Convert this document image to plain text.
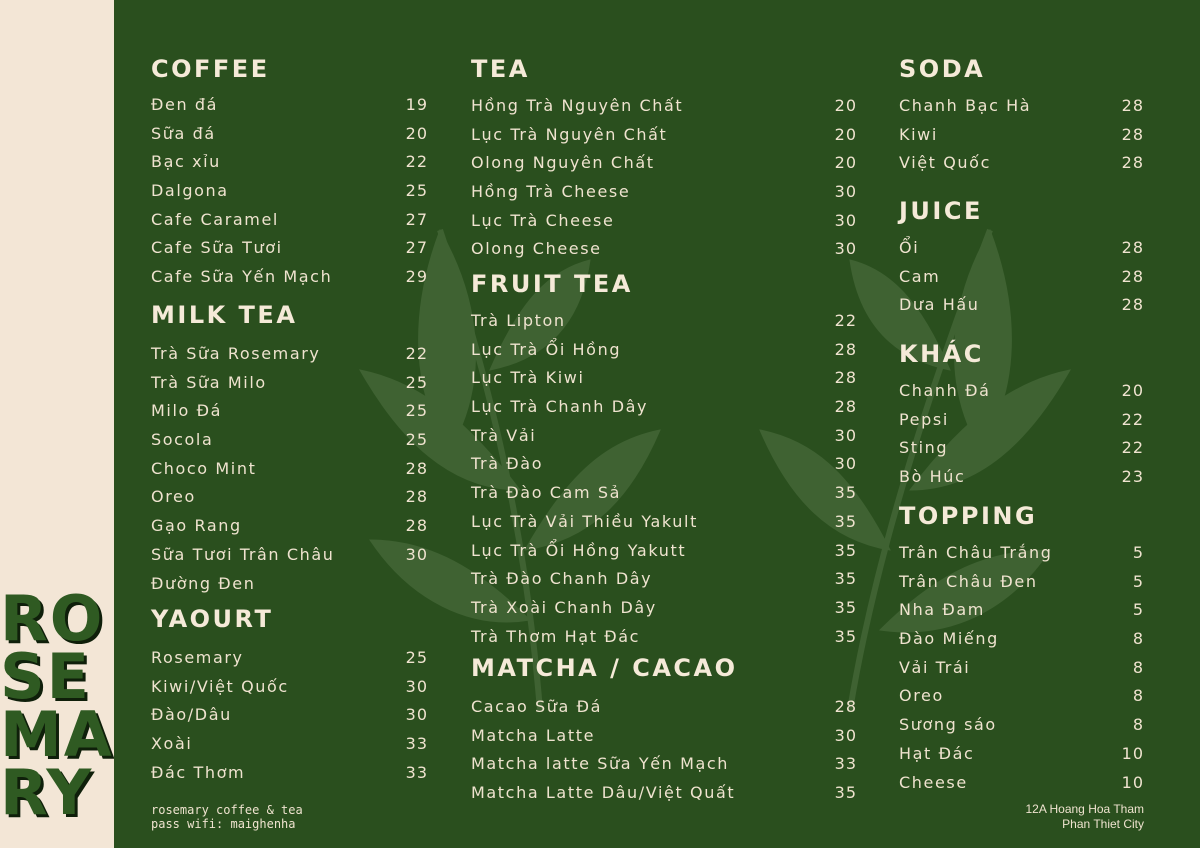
RO
SE
MA
RY
COFFEE
Đen đá	19
Sữa đá	20
Bạc xỉu	22
Dalgona	25
Cafe Caramel	27
Cafe Sữa Tươi	27
Cafe Sữa Yến Mạch	29
MILK TEA
Trà Sữa Rosemary	22
Trà Sữa Milo	25
Milo Đá	25
Socola	25
Choco Mint	28
Oreo	28
Gạo Rang	28
Sữa Tươi Trân Châu	30
Đường Đen
YAOURT
Rosemary	25
Kiwi/Việt Quốc	30
Đào/Dâu	30
Xoài	33
Đác Thơm	33
TEA
Hồng Trà Nguyên Chất	20
Lục Trà Nguyên Chất	20
Olong Nguyên Chất	20
Hồng Trà Cheese	30
Lục Trà Cheese	30
Olong Cheese	30
FRUIT TEA
Trà Lipton	22
Lục Trà Ổi Hồng	28
Lục Trà Kiwi	28
Lục Trà Chanh Dây	28
Trà Vải	30
Trà Đào	30
Trà Đào Cam Sả	35
Lục Trà Vải Thiều Yakult	35
Lục Trà Ổi Hồng Yakutt	35
Trà Đào Chanh Dây	35
Trà Xoài Chanh Dây	35
Trà Thơm Hạt Đác	35
MATCHA / CACAO
Cacao Sữa Đá	28
Matcha Latte	30
Matcha latte Sữa Yến Mạch	33
Matcha Latte Dâu/Việt Quất	35
SODA
Chanh Bạc Hà	28
Kiwi	28
Việt Quốc	28
JUICE
Ổi	28
Cam	28
Dưa Hấu	28
KHÁC
Chanh Đá	20
Pepsi	22
Sting	22
Bò Húc	23
TOPPING
Trân Châu Trắng	5
Trân Châu Đen	5
Nha Đam	5
Đào Miếng	8
Vải Trái	8
Oreo	8
Sương sáo	8
Hạt Đác	10
Cheese	10
rosemary coffee & tea
pass wifi: maighenha
12A Hoang Hoa Tham
Phan Thiet City
